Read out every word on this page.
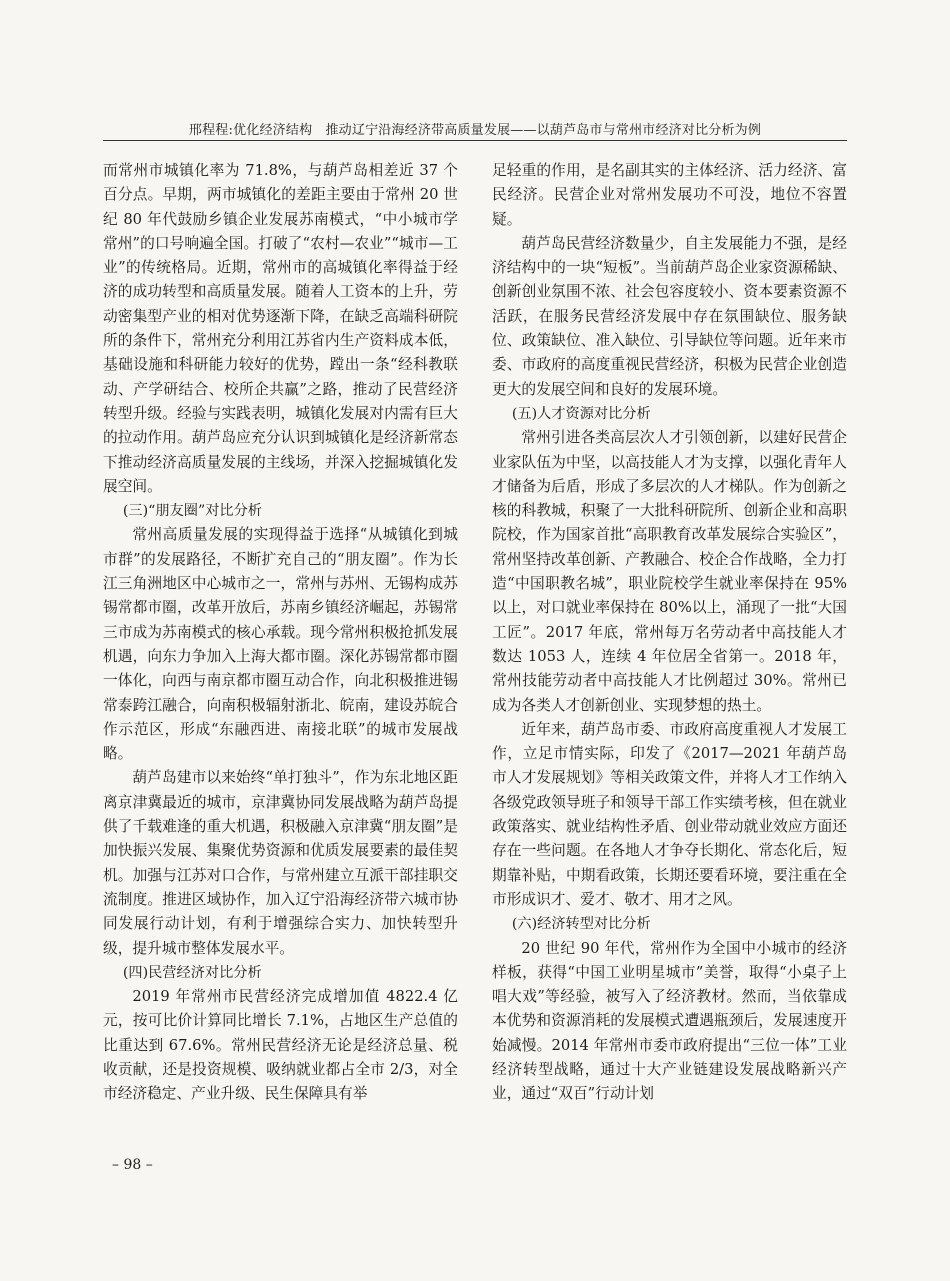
邢程程:优化经济结构　推动辽宁沿海经济带高质量发展——以葫芦岛市与常州市经济对比分析为例

而常州市城镇化率为 71.8%，与葫芦岛相差近 37 个百分点。早期，两市城镇化的差距主要由于常州 20 世纪 80 年代鼓励乡镇企业发展苏南模式，“中小城市学常州”的口号响遍全国。打破了“农村—农业”“城市—工业”的传统格局。近期，常州市的高城镇化率得益于经济的成功转型和高质量发展。随着人工资本的上升，劳动密集型产业的相对优势逐渐下降，在缺乏高端科研院所的条件下，常州充分利用江苏省内生产资料成本低，基础设施和科研能力较好的优势，蹚出一条“经科教联动、产学研结合、校所企共赢”之路，推动了民营经济转型升级。经验与实践表明，城镇化发展对内需有巨大的拉动作用。葫芦岛应充分认识到城镇化是经济新常态下推动经济高质量发展的主线场，并深入挖掘城镇化发展空间。

(三)“朋友圈”对比分析

常州高质量发展的实现得益于选择“从城镇化到城市群”的发展路径，不断扩充自己的“朋友圈”。作为长江三角洲地区中心城市之一，常州与苏州、无锡构成苏锡常都市圈，改革开放后，苏南乡镇经济崛起，苏锡常三市成为苏南模式的核心承载。现今常州积极抢抓发展机遇，向东力争加入上海大都市圈。深化苏锡常都市圈一体化，向西与南京都市圈互动合作，向北积极推进锡常泰跨江融合，向南积极辐射浙北、皖南，建设苏皖合作示范区，形成“东融西进、南接北联”的城市发展战略。

葫芦岛建市以来始终“单打独斗”，作为东北地区距离京津冀最近的城市，京津冀协同发展战略为葫芦岛提供了千载难逢的重大机遇，积极融入京津冀“朋友圈”是加快振兴发展、集聚优势资源和优质发展要素的最佳契机。加强与江苏对口合作，与常州建立互派干部挂职交流制度。推进区域协作，加入辽宁沿海经济带六城市协同发展行动计划，有利于增强综合实力、加快转型升级，提升城市整体发展水平。

(四)民营经济对比分析

2019 年常州市民营经济完成增加值 4822.4 亿元，按可比价计算同比增长 7.1%，占地区生产总值的比重达到 67.6%。常州民营经济无论是经济总量、税收贡献，还是投资规模、吸纳就业都占全市 2/3，对全市经济稳定、产业升级、民生保障具有举

足轻重的作用，是名副其实的主体经济、活力经济、富民经济。民营企业对常州发展功不可没，地位不容置疑。

葫芦岛民营经济数量少，自主发展能力不强，是经济结构中的一块“短板”。当前葫芦岛企业家资源稀缺、创新创业氛围不浓、社会包容度较小、资本要素资源不活跃，在服务民营经济发展中存在氛围缺位、服务缺位、政策缺位、准入缺位、引导缺位等问题。近年来市委、市政府的高度重视民营经济，积极为民营企业创造更大的发展空间和良好的发展环境。

(五)人才资源对比分析

常州引进各类高层次人才引领创新，以建好民营企业家队伍为中坚，以高技能人才为支撑，以强化青年人才储备为后盾，形成了多层次的人才梯队。作为创新之核的科教城，积聚了一大批科研院所、创新企业和高职院校，作为国家首批“高职教育改革发展综合实验区”，常州坚持改革创新、产教融合、校企合作战略，全力打造“中国职教名城”，职业院校学生就业率保持在 95%以上，对口就业率保持在 80%以上，涌现了一批“大国工匠”。2017 年底，常州每万名劳动者中高技能人才数达 1053 人，连续 4 年位居全省第一。2018 年，常州技能劳动者中高技能人才比例超过 30%。常州已成为各类人才创新创业、实现梦想的热土。

近年来，葫芦岛市委、市政府高度重视人才发展工作，立足市情实际，印发了《2017—2021 年葫芦岛市人才发展规划》等相关政策文件，并将人才工作纳入各级党政领导班子和领导干部工作实绩考核，但在就业政策落实、就业结构性矛盾、创业带动就业效应方面还存在一些问题。在各地人才争夺长期化、常态化后，短期靠补贴，中期看政策，长期还要看环境，要注重在全市形成识才、爱才、敬才、用才之风。

(六)经济转型对比分析

20 世纪 90 年代，常州作为全国中小城市的经济样板，获得“中国工业明星城市”美誉，取得“小桌子上唱大戏”等经验，被写入了经济教材。然而，当依靠成本优势和资源消耗的发展模式遭遇瓶颈后，发展速度开始减慢。2014 年常州市委市政府提出“三位一体”工业经济转型战略，通过十大产业链建设发展战略新兴产业，通过“双百”行动计划

– 98 –
